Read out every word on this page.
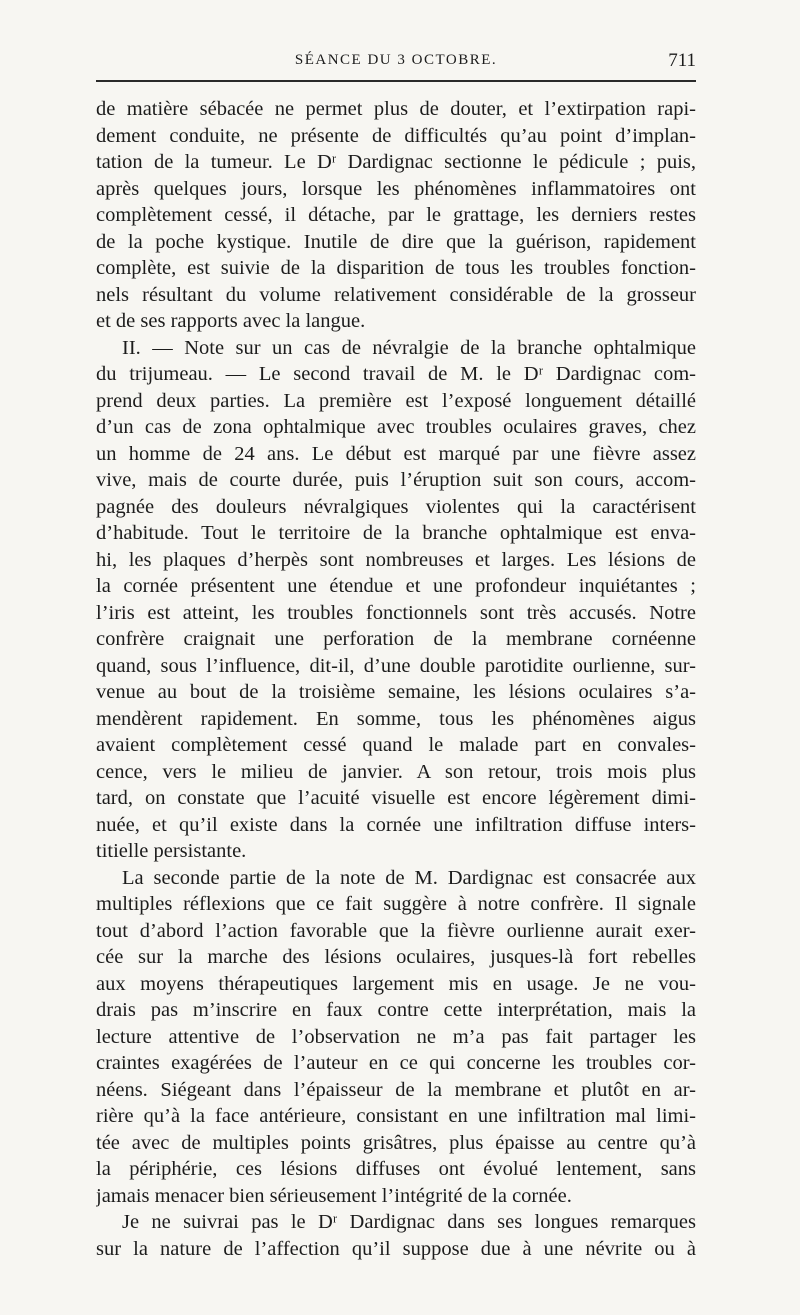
SÉANCE DU 3 OCTOBRE.	711
de matière sébacée ne permet plus de douter, et l’extirpation rapi-
dement conduite, ne présente de difficultés qu’au point d’implan-
tation de la tumeur. Le Dʳ Dardignac sectionne le pédicule ; puis,
après quelques jours, lorsque les phénomènes inflammatoires ont
complètement cessé, il détache, par le grattage, les derniers restes
de la poche kystique. Inutile de dire que la guérison, rapidement
complète, est suivie de la disparition de tous les troubles fonction-
nels résultant du volume relativement considérable de la grosseur
et de ses rapports avec la langue.
II. — Note sur un cas de névralgie de la branche ophtalmique
du trijumeau. — Le second travail de M. le Dʳ Dardignac com-
prend deux parties. La première est l’exposé longuement détaillé
d’un cas de zona ophtalmique avec troubles oculaires graves, chez
un homme de 24 ans. Le début est marqué par une fièvre assez
vive, mais de courte durée, puis l’éruption suit son cours, accom-
pagnée des douleurs névralgiques violentes qui la caractérisent
d’habitude. Tout le territoire de la branche ophtalmique est enva-
hi, les plaques d’herpès sont nombreuses et larges. Les lésions de
la cornée présentent une étendue et une profondeur inquiétantes ;
l’iris est atteint, les troubles fonctionnels sont très accusés. Notre
confrère craignait une perforation de la membrane cornéenne
quand, sous l’influence, dit-il, d’une double parotidite ourlienne, sur-
venue au bout de la troisième semaine, les lésions oculaires s’a-
mendèrent rapidement. En somme, tous les phénomènes aigus
avaient complètement cessé quand le malade part en convales-
cence, vers le milieu de janvier. A son retour, trois mois plus
tard, on constate que l’acuité visuelle est encore légèrement dimi-
nuée, et qu’il existe dans la cornée une infiltration diffuse inters-
titielle persistante.
La seconde partie de la note de M. Dardignac est consacrée aux
multiples réflexions que ce fait suggère à notre confrère. Il signale
tout d’abord l’action favorable que la fièvre ourlienne aurait exer-
cée sur la marche des lésions oculaires, jusques-là fort rebelles
aux moyens thérapeutiques largement mis en usage. Je ne vou-
drais pas m’inscrire en faux contre cette interprétation, mais la
lecture attentive de l’observation ne m’a pas fait partager les
craintes exagérées de l’auteur en ce qui concerne les troubles cor-
néens. Siégeant dans l’épaisseur de la membrane et plutôt en ar-
rière qu’à la face antérieure, consistant en une infiltration mal limi-
tée avec de multiples points grisâtres, plus épaisse au centre qu’à
la périphérie, ces lésions diffuses ont évolué lentement, sans
jamais menacer bien sérieusement l’intégrité de la cornée.
Je ne suivrai pas le Dʳ Dardignac dans ses longues remarques
sur la nature de l’affection qu’il suppose due à une névrite ou à
